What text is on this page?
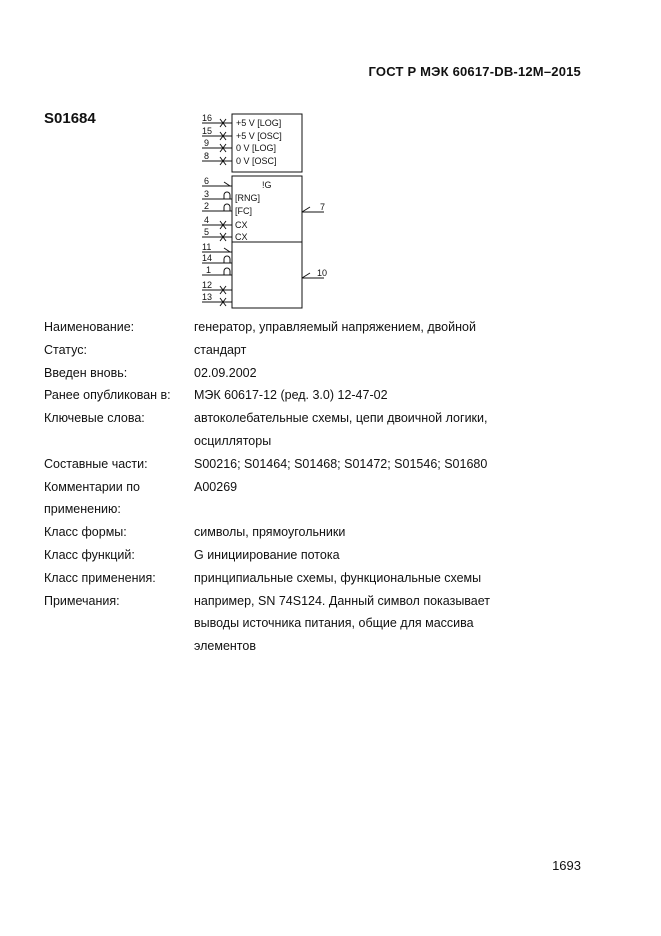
ГОСТ Р МЭК 60617-DB-12M–2015
S01684	16
15
9
8
+5 V [LOG]
+5 V [OSC]
0 V [LOG]
0 V [OSC]
6
3
2
4
5
!G
[RNG]
[FC]
CX
CX
7
11
14
1
12
13
10
Наименование:	генератор, управляемый напряжением, двойной
Статус:	стандарт
Введен вновь:	02.09.2002
Ранее опубликован в:	МЭК 60617-12 (ред. 3.0) 12-47-02
Ключевые слова:	автоколебательные схемы, цепи двоичной логики,
осцилляторы
Составные части:	S00216; S01464; S01468; S01472; S01546; S01680
Комментарии по
применению:
A00269
Класс формы:	символы, прямоугольники
Класс функций:	G инициирование потока
Класс применения:	принципиальные схемы, функциональные схемы
Примечания:	например, SN 74S124. Данный символ показывает
выводы источника питания, общие для массива
элементов
1693
